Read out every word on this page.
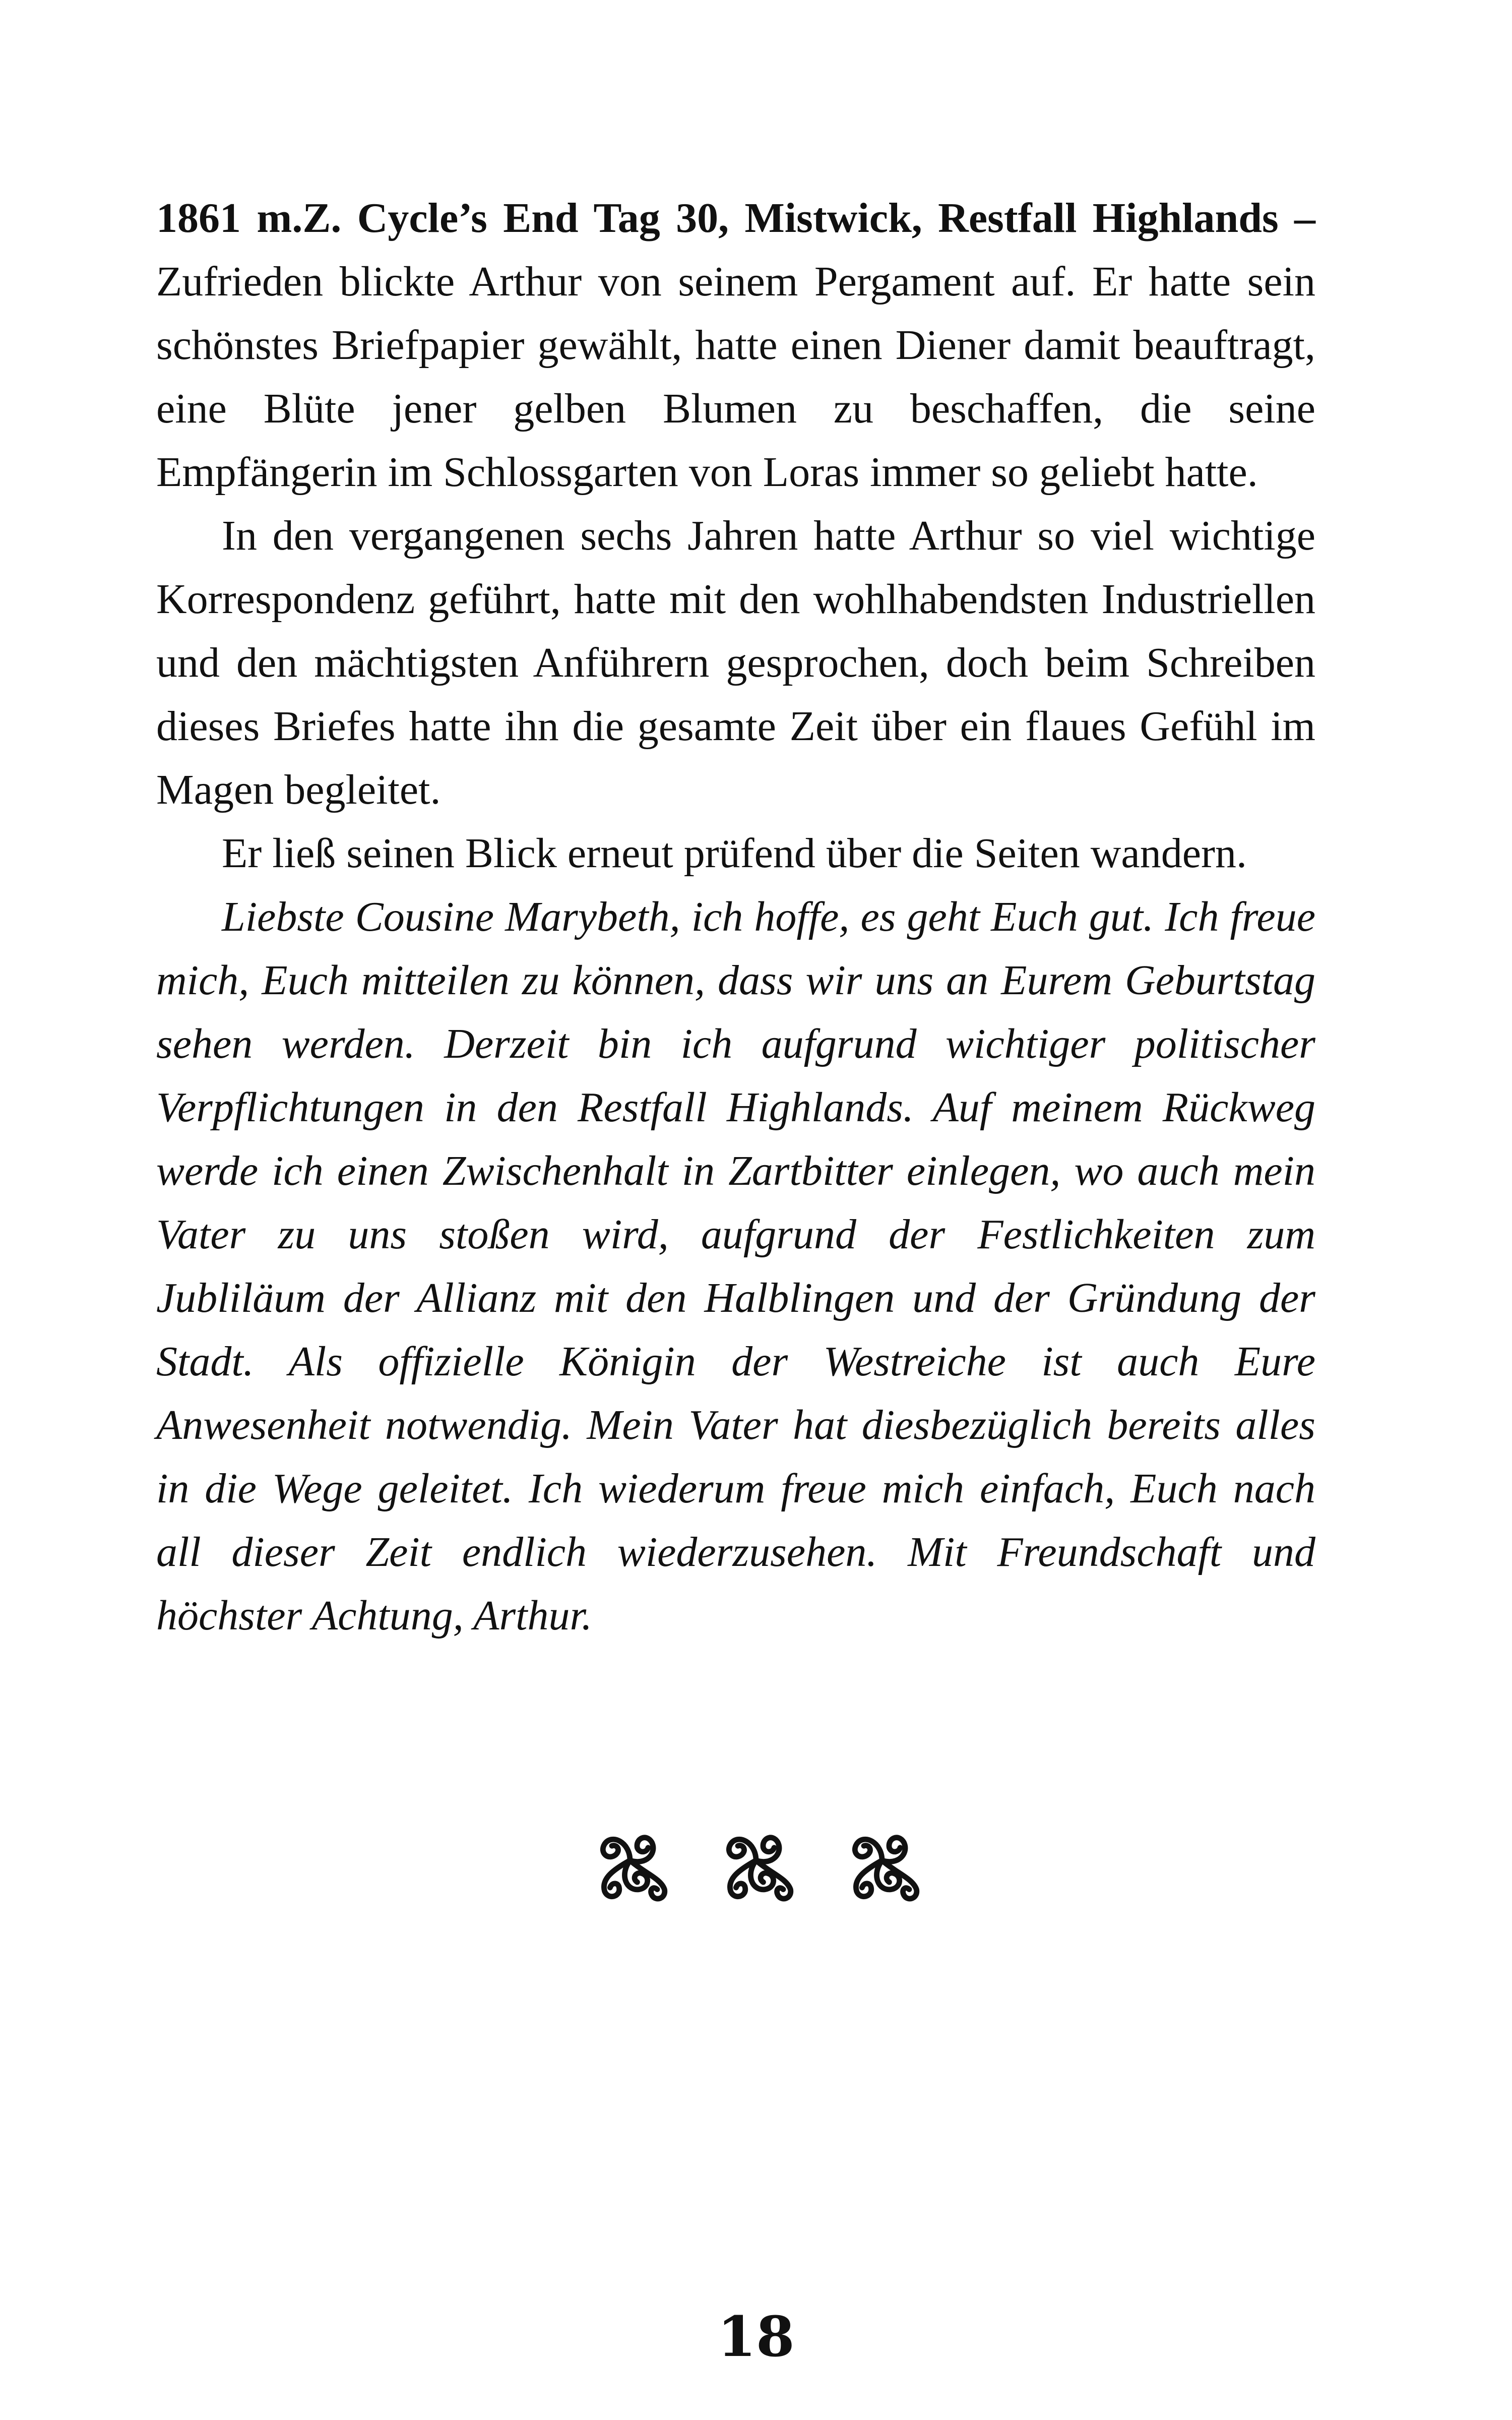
1861 m.Z. Cycle’s End Tag 30, Mistwick, Restfall Highlands – Zufrieden blickte Arthur von seinem Pergament auf. Er hatte sein schönstes Briefpapier gewählt, hatte einen Diener damit beauftragt, eine Blüte jener gelben Blumen zu beschaffen, die seine Empfängerin im Schlossgarten von Loras immer so geliebt hatte.

In den vergangenen sechs Jahren hatte Arthur so viel wichtige Korrespondenz geführt, hatte mit den wohlhabendsten Industriellen und den mächtigsten Anführern gesprochen, doch beim Schreiben dieses Briefes hatte ihn die gesamte Zeit über ein flaues Gefühl im Magen begleitet.

Er ließ seinen Blick erneut prüfend über die Seiten wandern.

Liebste Cousine Marybeth, ich hoffe, es geht Euch gut. Ich freue mich, Euch mitteilen zu können, dass wir uns an Eurem Geburtstag sehen werden. Derzeit bin ich aufgrund wichtiger politischer Verpflichtungen in den Restfall Highlands. Auf meinem Rückweg werde ich einen Zwischenhalt in Zartbitter einlegen, wo auch mein Vater zu uns stoßen wird, aufgrund der Festlichkeiten zum Jubliläum der Allianz mit den Halblingen und der Gründung der Stadt. Als offizielle Königin der Westreiche ist auch Eure Anwesenheit notwendig. Mein Vater hat diesbezüglich bereits alles in die Wege geleitet. Ich wiederum freue mich einfach, Euch nach all dieser Zeit endlich wiederzusehen. Mit Freundschaft und höchster Achtung, Arthur.

18
